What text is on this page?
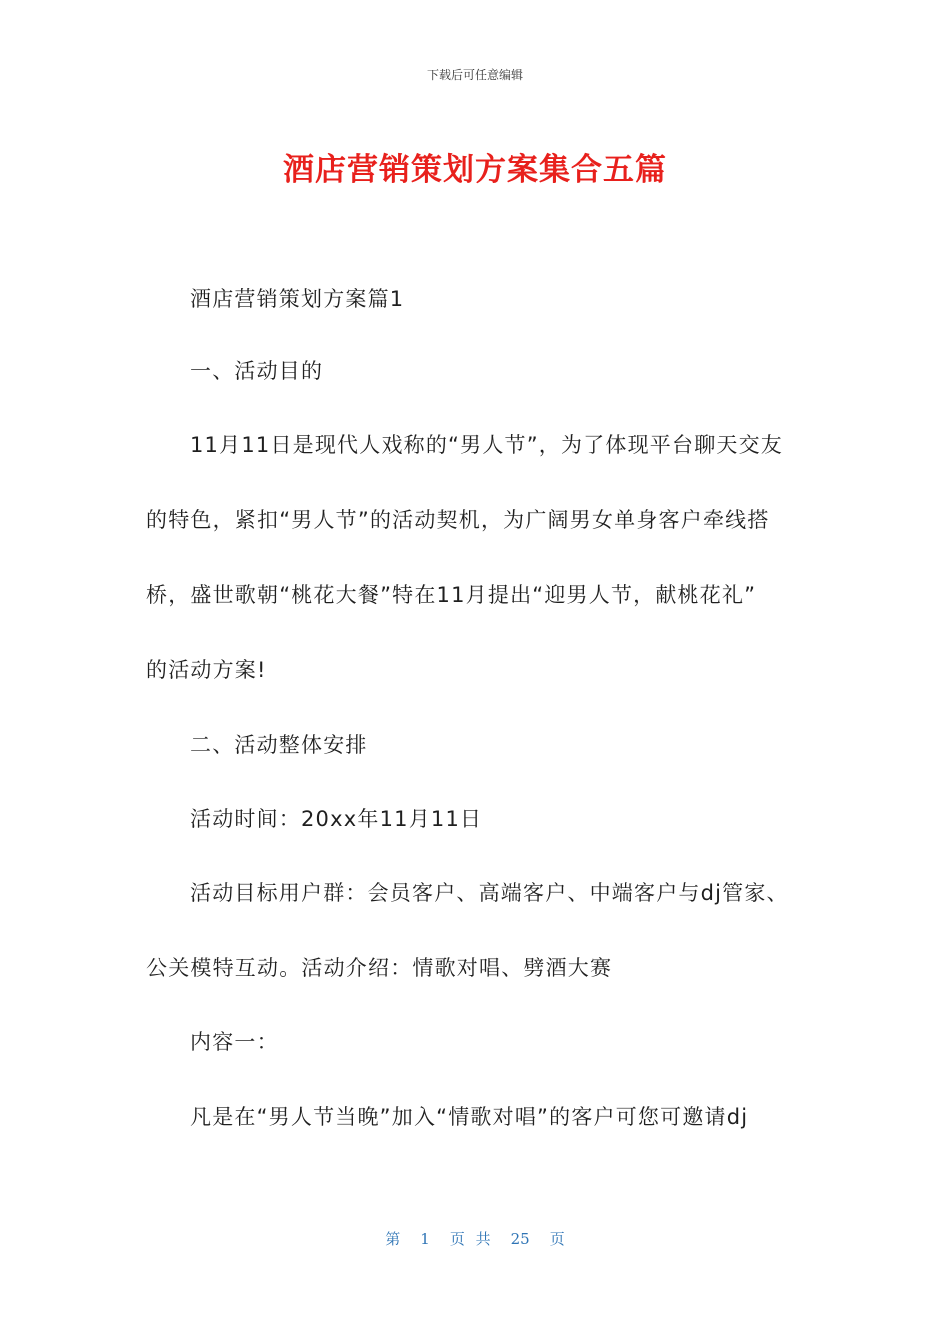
下载后可任意编辑
酒店营销策划方案集合五篇
酒店营销策划方案篇1
一、活动目的
11月11日是现代人戏称的“男人节”，为了体现平台聊天交友
的特色，紧扣“男人节”的活动契机，为广阔男女单身客户牵线搭
桥，盛世歌朝“桃花大餐”特在11月提出“迎男人节，献桃花礼”
的活动方案!
二、活动整体安排
活动时间：20xx年11月11日
活动目标用户群：会员客户、高端客户、中端客户与dj管家、
公关模特互动。活动介绍：情歌对唱、劈酒大赛
内容一：
凡是在“男人节当晚”加入“情歌对唱”的客户可您可邀请dj
第 1 页 共 25 页
